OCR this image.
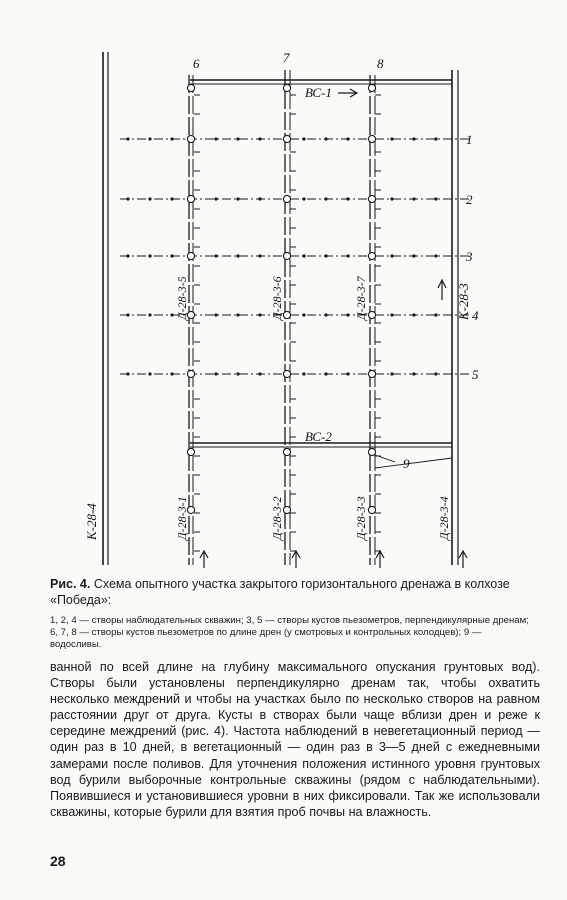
6	7	8
1
2
3
4
5
ВС-1
ВС-2
9
К-28-4
К-28-3
Д-28-3-5	Д-28-3-6	Д-28-3-7
Д-28-3-1	Д-28-3-2	Д-28-3-3	Д-28-3-4
Рис. 4. Схема опытного участка закрытого горизонтального дренажа в колхозе «Победа»:
1, 2, 4 — створы наблюдательных скважин; 3, 5 — створы кустов пьезометров, перпендикулярные дренам; 6, 7, 8 — створы кустов пьезометров по длине дрен (у смотровых и контрольных колодцев); 9 — водосливы.

ванной по всей длине на глубину максимального опускания грунтовых вод). Створы были установлены перпендикулярно дренам так, чтобы охватить несколько междрений и чтобы на участках было по несколько створов на равном расстоянии друг от друга. Кусты в створах были чаще вблизи дрен и реже к середине междрений (рис. 4). Частота наблюдений в невегетационный период — один раз в 10 дней, в вегетационный — один раз в 3—5 дней с ежедневными замерами после поливов. Для уточнения положения истинного уровня грунтовых вод бурили выборочные контрольные скважины (рядом с наблюдательными). Появившиеся и установившиеся уровни в них фиксировали. Так же использовали скважины, которые бурили для взятия проб почвы на влажность.

28
